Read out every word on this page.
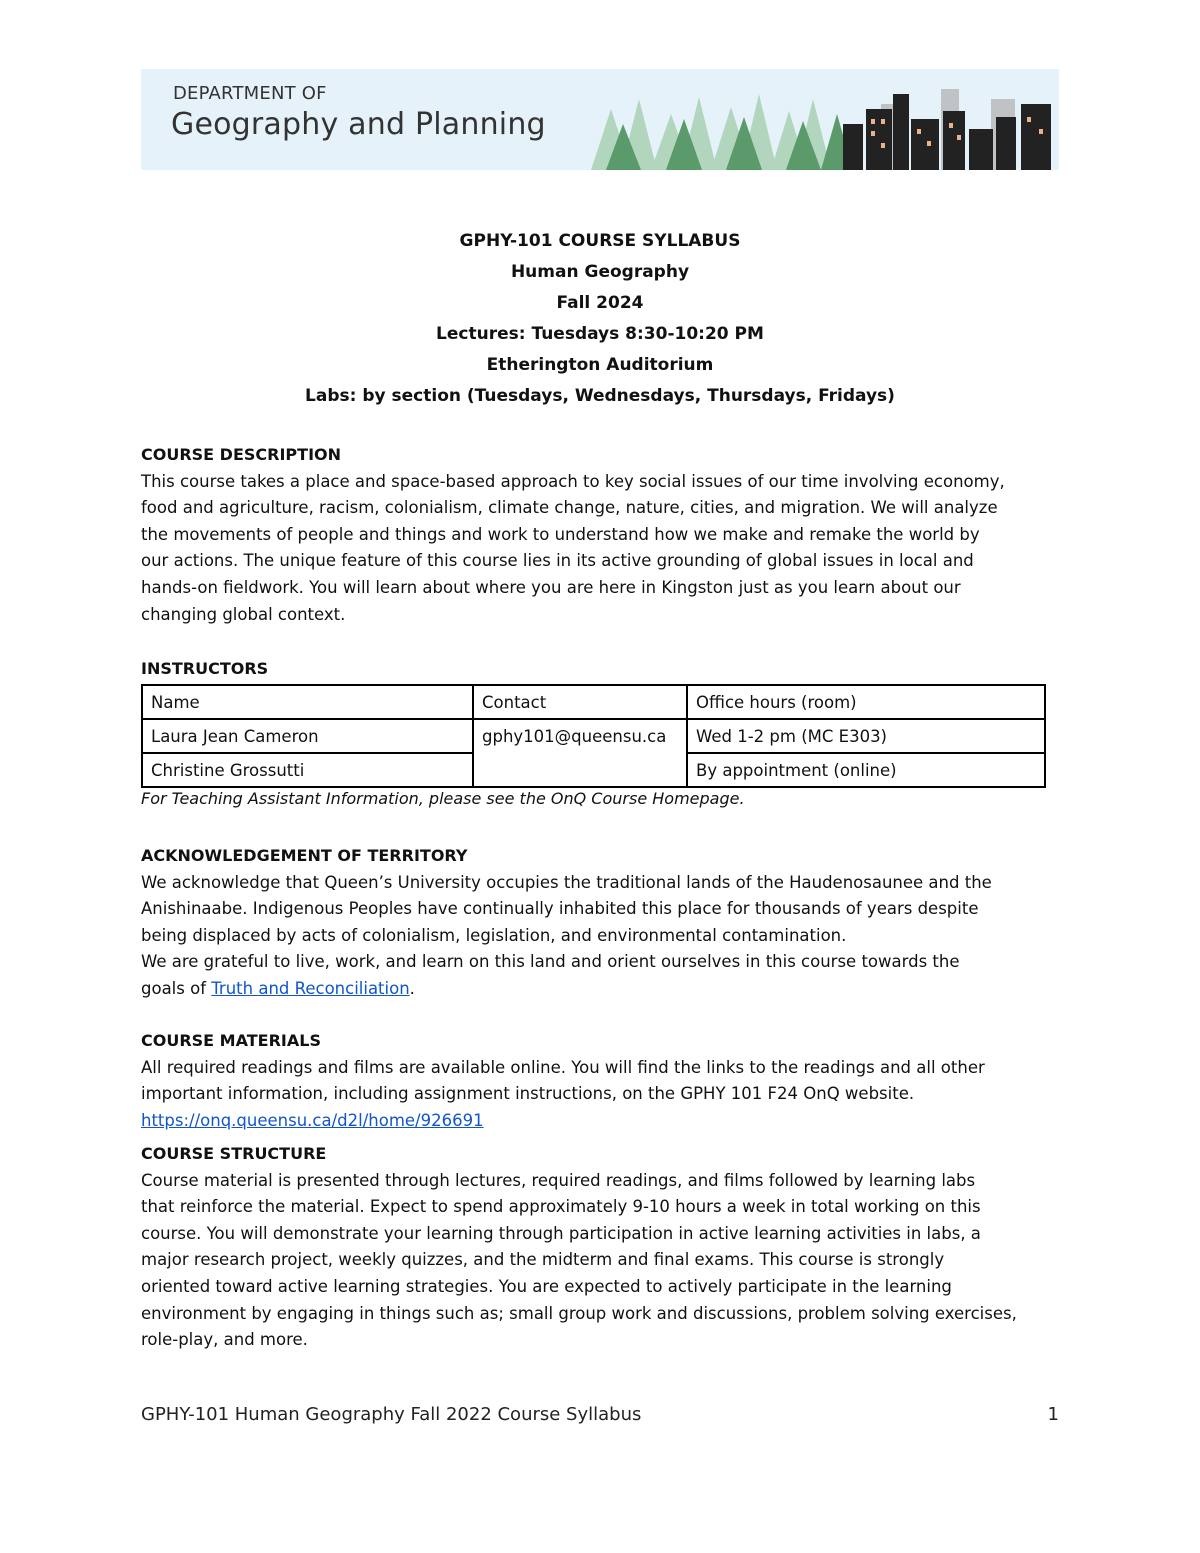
DEPARTMENT OF
Geography and Planning
GPHY-101 COURSE SYLLABUS
Human Geography
Fall 2024
Lectures: Tuesdays 8:30-10:20 PM
Etherington Auditorium
Labs: by section (Tuesdays, Wednesdays, Thursdays, Fridays)
COURSE DESCRIPTION
This course takes a place and space-based approach to key social issues of our time involving economy,
food and agriculture, racism, colonialism, climate change, nature, cities, and migration. We will analyze
the movements of people and things and work to understand how we make and remake the world by
our actions. The unique feature of this course lies in its active grounding of global issues in local and
hands-on fieldwork. You will learn about where you are here in Kingston just as you learn about our
changing global context.
INSTRUCTORS
Name	Contact	Office hours (room)
Laura Jean Cameron	gphy101@queensu.ca	Wed 1-2 pm (MC E303)
Christine Grossutti		By appointment (online)
For Teaching Assistant Information, please see the OnQ Course Homepage.
ACKNOWLEDGEMENT OF TERRITORY
We acknowledge that Queen’s University occupies the traditional lands of the Haudenosaunee and the
Anishinaabe. Indigenous Peoples have continually inhabited this place for thousands of years despite
being displaced by acts of colonialism, legislation, and environmental contamination.
We are grateful to live, work, and learn on this land and orient ourselves in this course towards the
goals of Truth and Reconciliation.
COURSE MATERIALS
All required readings and films are available online. You will find the links to the readings and all other
important information, including assignment instructions, on the GPHY 101 F24 OnQ website.
https://onq.queensu.ca/d2l/home/926691
COURSE STRUCTURE
Course material is presented through lectures, required readings, and films followed by learning labs
that reinforce the material. Expect to spend approximately 9-10 hours a week in total working on this
course. You will demonstrate your learning through participation in active learning activities in labs, a
major research project, weekly quizzes, and the midterm and final exams. This course is strongly
oriented toward active learning strategies. You are expected to actively participate in the learning
environment by engaging in things such as; small group work and discussions, problem solving exercises,
role-play, and more.
GPHY-101 Human Geography Fall 2022 Course Syllabus	1
